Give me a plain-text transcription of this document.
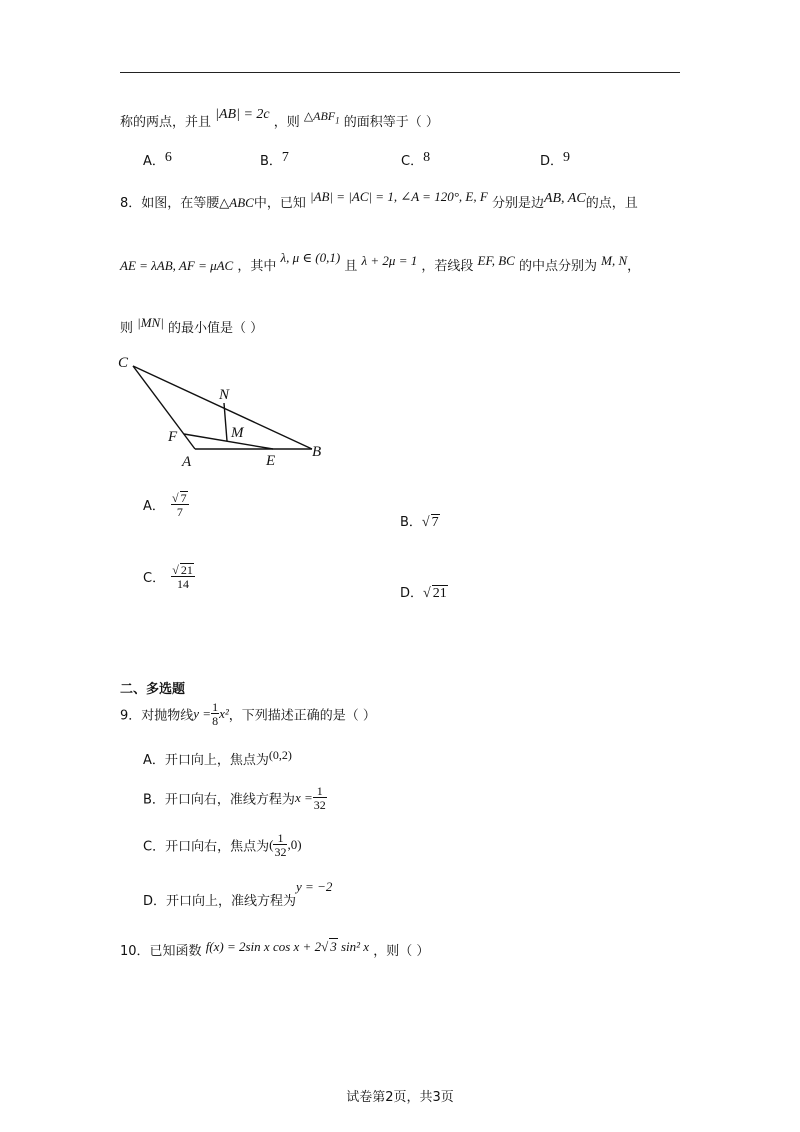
称的两点，并且 |AB| = 2c ，则 $\triangle ABF_1$ 的面积等于（ ）
A．6	B．7	C．8	D．9
8．如图，在等腰△ABC中，已知 |AB| = |AC| = 1, ∠A = 120°, E, F 分别是边AB, AC的点，且
AE = λAB, AF = μAC ，其中 λ, μ ∈ (0,1) 且 λ + 2μ = 1 ，若线段 EF, BC 的中点分别为 M, N，
则 |MN| 的最小值是（ ）
C
N
F	M
A	E
B
A． $\frac{√ 7}{7}$
B．√ 7
C． $\frac{√ 21}{14}$
D．√ 21
二、多选题
9．对抛物线$y = \frac{1}{8} x^2$，下列描述正确的是（ ）
A．开口向上，焦点为(0,2)
B．开口向右，准线方程为$x = \frac{1}{32}$
C．开口向右，焦点为( $\frac{1}{32} ,0$)
D．开口向上，准线方程为y = −2
10．已知函数 f(x) = 2sin x cos x + 2√ 3 sin² x ，则（ ）
试卷第2页，共3页
